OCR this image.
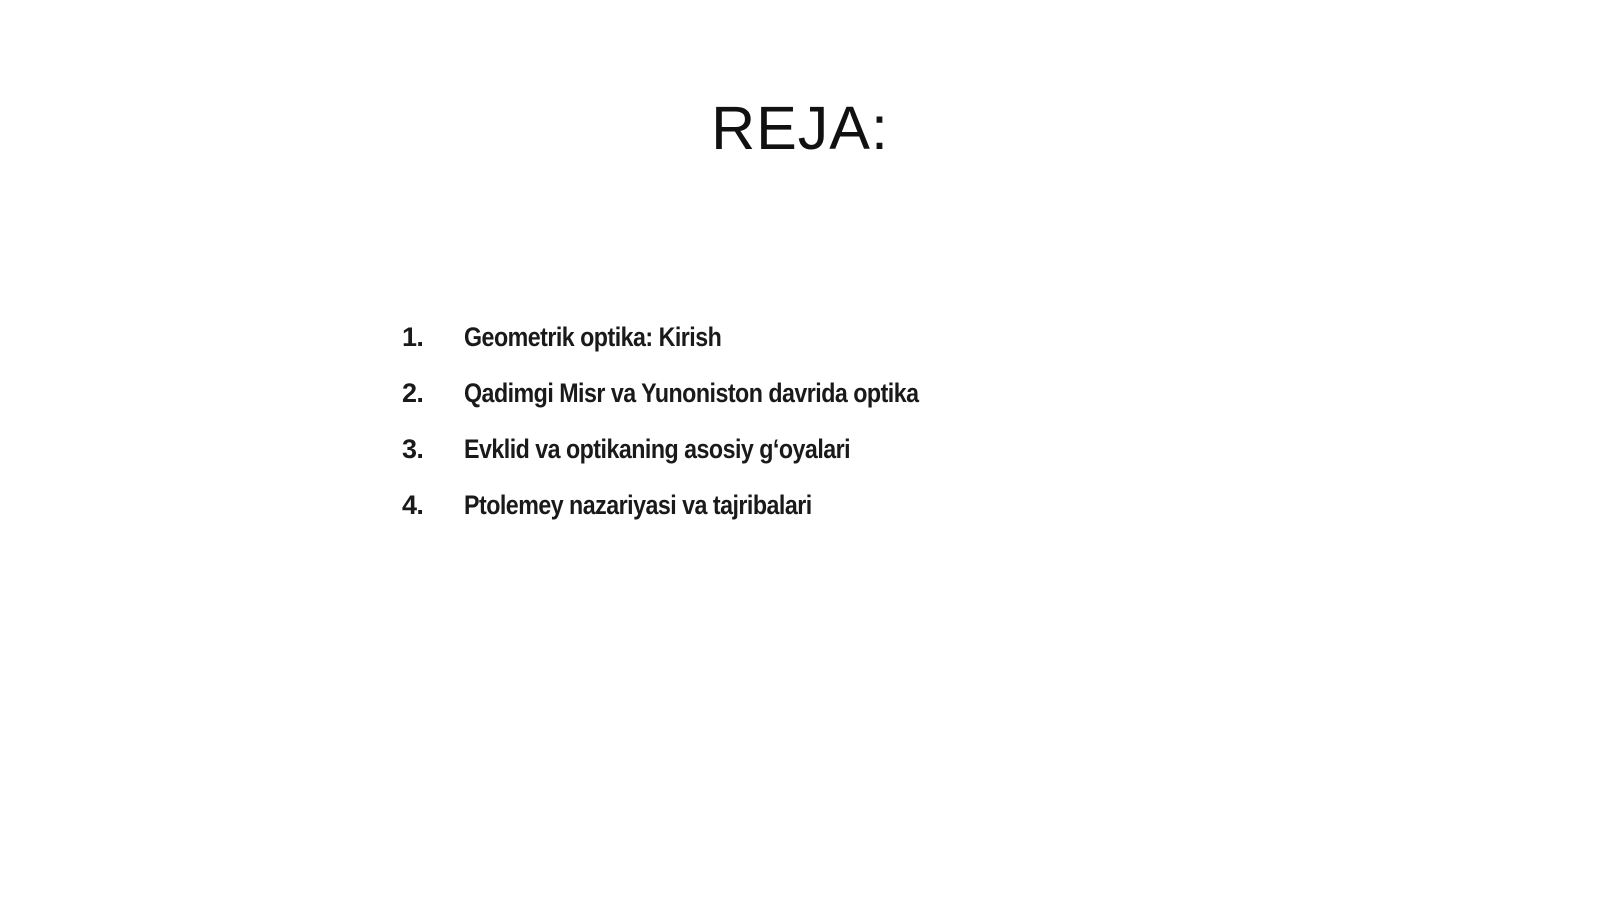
REJA:
1.	Geometrik optika: Kirish
2.	Qadimgi Misr va Yunoniston davrida optika
3.	Evklid va optikaning asosiy g‘oyalari
4.	Ptolemey nazariyasi va tajribalari
